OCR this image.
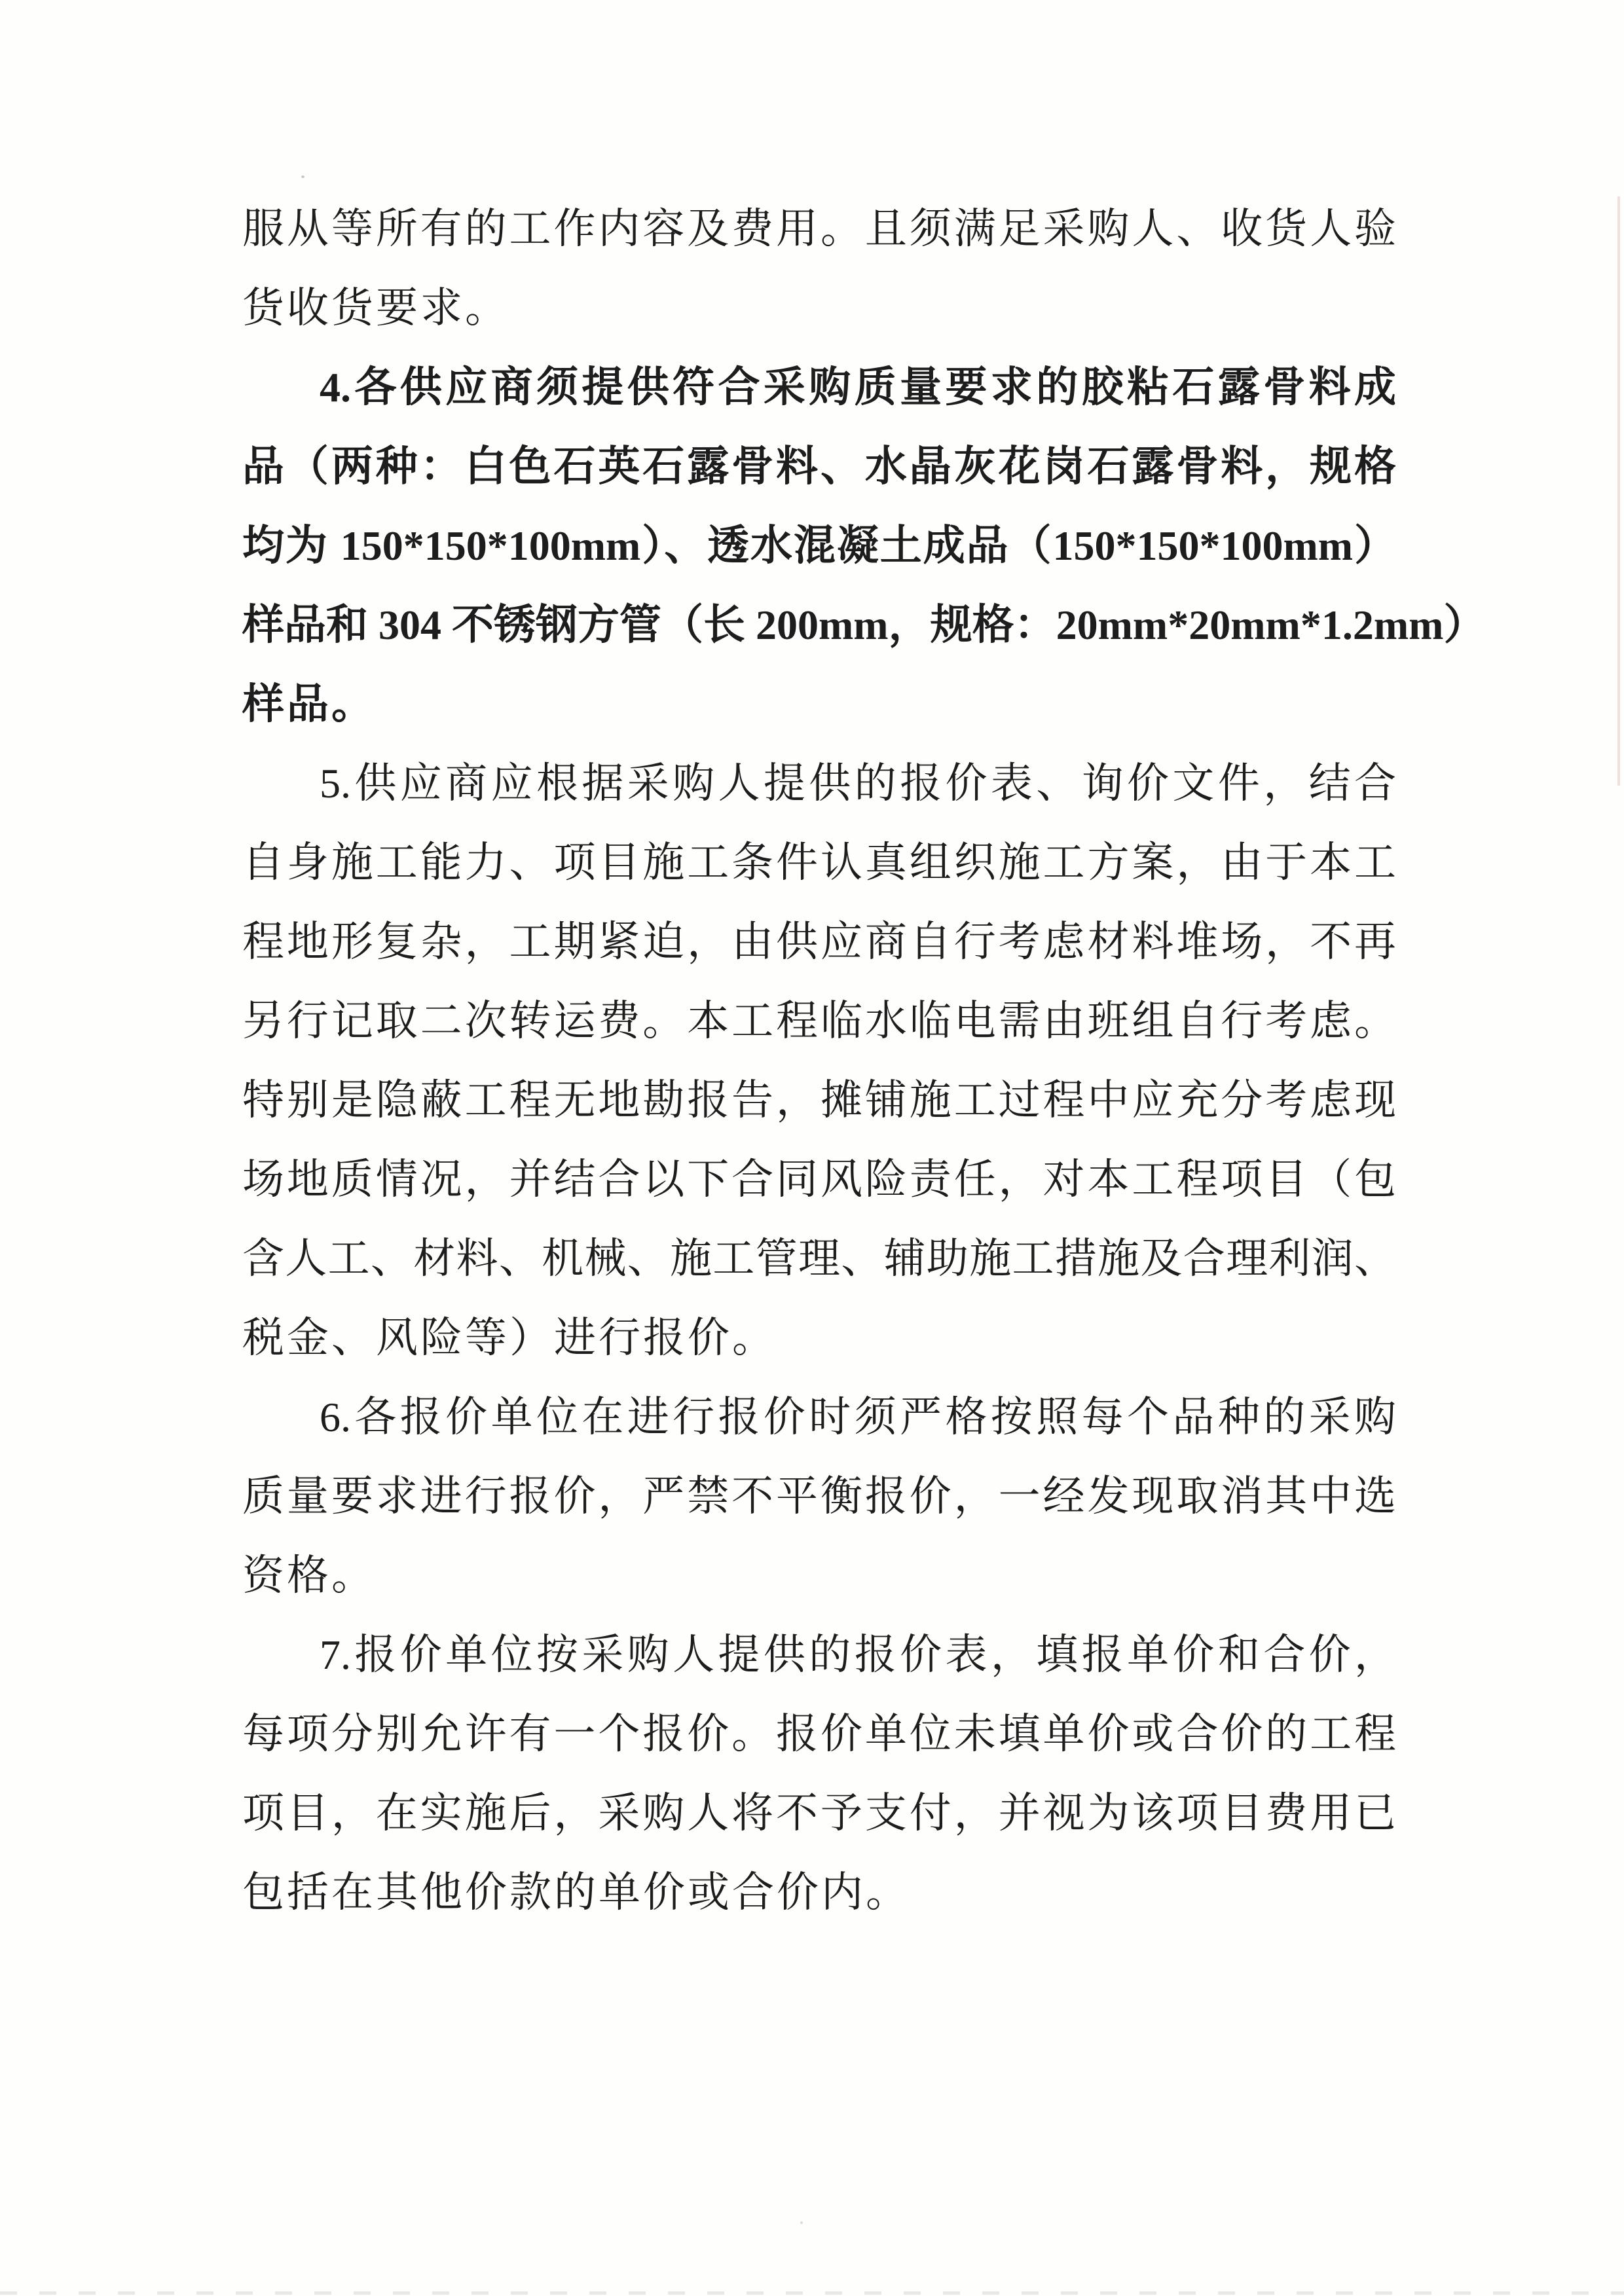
服从等所有的工作内容及费用。且须满足采购人、收货人验
货收货要求。
4.各供应商须提供符合采购质量要求的胶粘石露骨料成
品（两种：白色石英石露骨料、水晶灰花岗石露骨料，规格
均为 150*150*100mm）、透水混凝土成品（150*150*100mm）
样品和 304 不锈钢方管（长 200mm，规格：20mm*20mm*1.2mm）
样品。
5.供应商应根据采购人提供的报价表、询价文件，结合
自身施工能力、项目施工条件认真组织施工方案，由于本工
程地形复杂，工期紧迫，由供应商自行考虑材料堆场，不再
另行记取二次转运费。本工程临水临电需由班组自行考虑。
特别是隐蔽工程无地勘报告，摊铺施工过程中应充分考虑现
场地质情况，并结合以下合同风险责任，对本工程项目（包
含人工、材料、机械、施工管理、辅助施工措施及合理利润、
税金、风险等）进行报价。
6.各报价单位在进行报价时须严格按照每个品种的采购
质量要求进行报价，严禁不平衡报价，一经发现取消其中选
资格。
7.报价单位按采购人提供的报价表，填报单价和合价，
每项分别允许有一个报价。报价单位未填单价或合价的工程
项目，在实施后，采购人将不予支付，并视为该项目费用已
包括在其他价款的单价或合价内。
